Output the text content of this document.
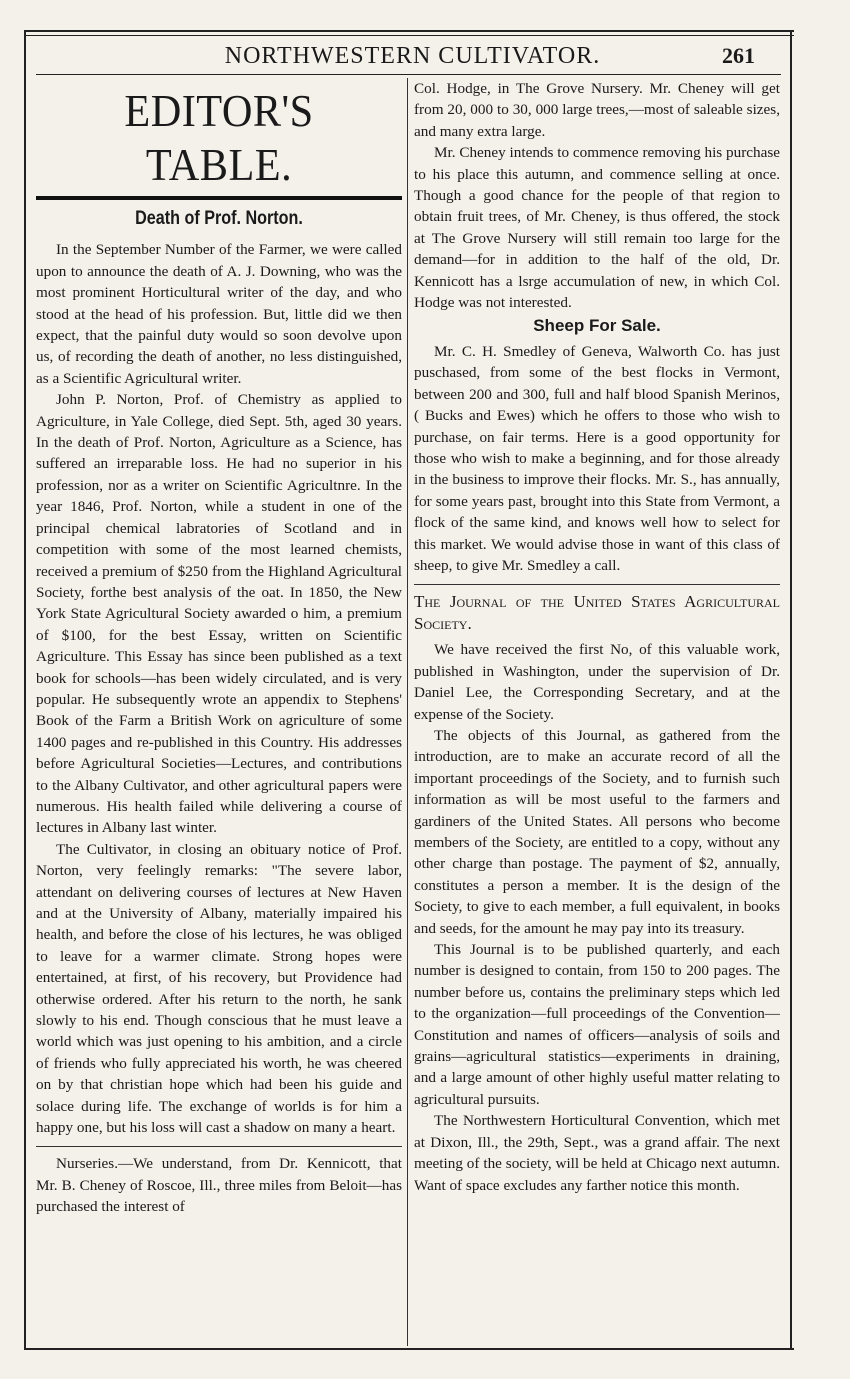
NORTHWESTERN CULTIVATOR.	261
EDITOR'S TABLE.
Death of Prof. Norton.

In the September Number of the Farmer, we were called upon to announce the death of A. J. Downing, who was the most prominent Horticultural writer of the day, and who stood at the head of his profession. But, little did we then expect, that the painful duty would so soon devolve upon us, of recording the death of another, no less distinguished, as a Scientific Agricultural writer.

John P. Norton, Prof. of Chemistry as applied to Agriculture, in Yale College, died Sept. 5th, aged 30 years. In the death of Prof. Norton, Agriculture as a Science, has suffered an irreparable loss. He had no superior in his profession, nor as a writer on Scientific Agricultnre. In the year 1846, Prof. Norton, while a student in one of the principal chemical labratories of Scotland and in competition with some of the most learned chemists, received a premium of $250 from the Highland Agricultural Society, forthe best analysis of the oat. In 1850, the New York State Agricultural Society awarded o him, a premium of $100, for the best Essay, written on Scientific Agriculture. This Essay has since been published as a text book for schools—has been widely circulated, and is very popular. He subsequently wrote an appendix to Stephens' Book of the Farm a British Work on agriculture of some 1400 pages and re-published in this Country. His addresses before Agricultural Societies—Lectures, and contributions to the Albany Cultivator, and other agricultural papers were numerous. His health failed while delivering a course of lectures in Albany last winter.

The Cultivator, in closing an obituary notice of Prof. Norton, very feelingly remarks: "The severe labor, attendant on delivering courses of lectures at New Haven and at the University of Albany, materially impaired his health, and before the close of his lectures, he was obliged to leave for a warmer climate. Strong hopes were entertained, at first, of his recovery, but Providence had otherwise ordered. After his return to the north, he sank slowly to his end. Though conscious that he must leave a world which was just opening to his ambition, and a circle of friends who fully appreciated his worth, he was cheered on by that christian hope which had been his guide and solace during life. The exchange of worlds is for him a happy one, but his loss will cast a shadow on many a heart.

Nurseries.—We understand, from Dr. Kennicott, that Mr. B. Cheney of Roscoe, Ill., three miles from Beloit—has purchased the interest of

Col. Hodge, in The Grove Nursery. Mr. Cheney will get from 20, 000 to 30, 000 large trees,—most of saleable sizes, and many extra large.

Mr. Cheney intends to commence removing his purchase to his place this autumn, and commence selling at once. Though a good chance for the people of that region to obtain fruit trees, of Mr. Cheney, is thus offered, the stock at The Grove Nursery will still remain too large for the demand—for in addition to the half of the old, Dr. Kennicott has a lsrge accumulation of new, in which Col. Hodge was not interested.

Sheep For Sale.

Mr. C. H. Smedley of Geneva, Walworth Co. has just puschased, from some of the best flocks in Vermont, between 200 and 300, full and half blood Spanish Merinos, ( Bucks and Ewes) which he offers to those who wish to purchase, on fair terms. Here is a good opportunity for those who wish to make a beginning, and for those already in the business to improve their flocks. Mr. S., has annually, for some years past, brought into this State from Vermont, a flock of the same kind, and knows well how to select for this market. We would advise those in want of this class of sheep, to give Mr. Smedley a call.

The Journal of the United States Agricultural Society.

We have received the first No, of this valuable work, published in Washington, under the supervision of Dr. Daniel Lee, the Corresponding Secretary, and at the expense of the Society.

The objects of this Journal, as gathered from the introduction, are to make an accurate record of all the important proceedings of the Society, and to furnish such information as will be most useful to the farmers and gardiners of the United States. All persons who become members of the Society, are entitled to a copy, without any other charge than postage. The payment of $2, annually, constitutes a person a member. It is the design of the Society, to give to each member, a full equivalent, in books and seeds, for the amount he may pay into its treasury.

This Journal is to be published quarterly, and each number is designed to contain, from 150 to 200 pages. The number before us, contains the preliminary steps which led to the organization—full proceedings of the Convention—Constitution and names of officers—analysis of soils and grains—agricultural statistics—experiments in draining, and a large amount of other highly useful matter relating to agricultural pursuits.

The Northwestern Horticultural Convention, which met at Dixon, Ill., the 29th, Sept., was a grand affair. The next meeting of the society, will be held at Chicago next autumn. Want of space excludes any farther notice this month.
